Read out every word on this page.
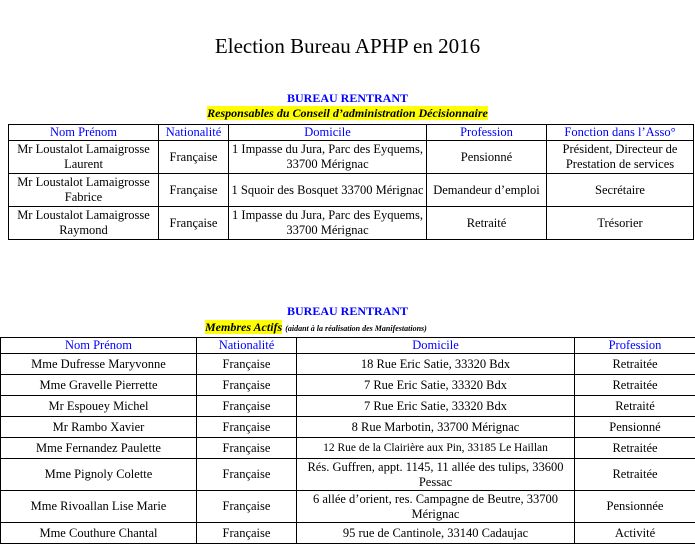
Election Bureau APHP en 2016
BUREAU RENTRANT
Responsables du Conseil d’administration Décisionnaire
Nom Prénom	Nationalité	Domicile	Profession	Fonction dans l’Asso°
Mr Loustalot Lamaigrosse Laurent	Française	1 Impasse du Jura, Parc des Eyquems, 33700 Mérignac	Pensionné	Président, Directeur de Prestation de services
Mr Loustalot Lamaigrosse Fabrice	Française	1 Squoir des Bosquet 33700 Mérignac	Demandeur d’emploi	Secrétaire
Mr Loustalot Lamaigrosse Raymond	Française	1 Impasse du Jura, Parc des Eyquems, 33700 Mérignac	Retraité	Trésorier
BUREAU RENTRANT
Membres Actifs (aidant à la réalisation des Manifestations)
Nom Prénom	Nationalité	Domicile	Profession
Mme Dufresse Maryvonne	Française	18 Rue Eric Satie, 33320 Bdx	Retraitée
Mme Gravelle Pierrette	Française	7 Rue Eric Satie, 33320 Bdx	Retraitée
Mr Espouey Michel	Française	7 Rue Eric Satie, 33320 Bdx	Retraité
Mr Rambo Xavier	Française	8 Rue Marbotin, 33700 Mérignac	Pensionné
Mme Fernandez Paulette	Française	12 Rue de la Clairière aux Pin, 33185 Le Haillan	Retraitée
Mme Pignoly Colette	Française	Rés. Guffren, appt. 1145, 11 allée des tulips, 33600 Pessac	Retraitée
Mme Rivoallan Lise Marie	Française	6 allée d’orient, res. Campagne de Beutre, 33700 Mérignac	Pensionnée
Mme Couthure Chantal	Française	95 rue de Cantinole, 33140 Cadaujac	Activité
